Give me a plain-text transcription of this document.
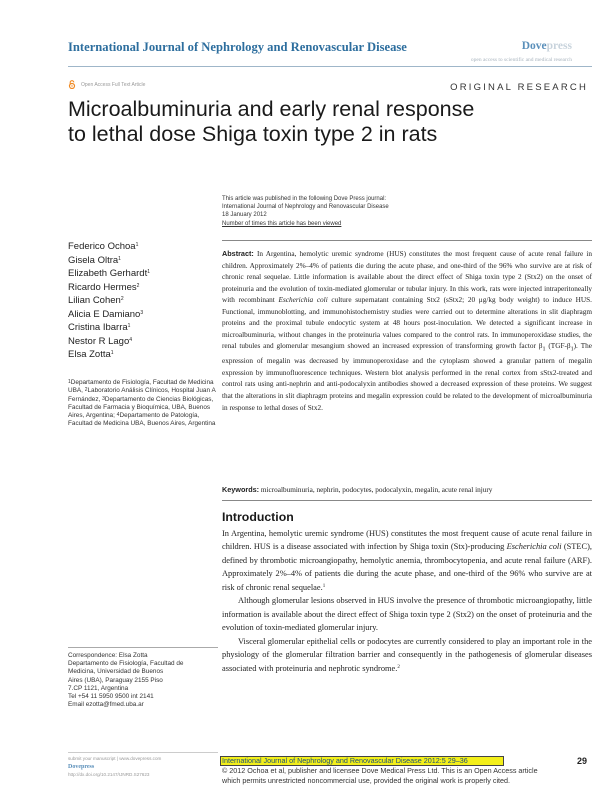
International Journal of Nephrology and Renovascular Disease	Dovepress
open access to scientific and medical research
Open Access Full Text Article	ORIGINAL RESEARCH
Microalbuminuria and early renal response
to lethal dose Shiga toxin type 2 in rats
This article was published in the following Dove Press journal:
International Journal of Nephrology and Renovascular Disease
18 January 2012
Number of times this article has been viewed
Federico Ochoa$^1$
Gisela Oltra$^1$
Elizabeth Gerhardt$^1$
Ricardo Hermes$^2$
Lilian Cohen$^2$
Alicia E Damiano$^3$
Cristina Ibarra$^1$
Nestor R Lago$^4$
Elsa Zotta$^1$
$^1$Departamento de Fisiología, Facultad de Medicina UBA, $^2$Laboratorio Análisis Clínicos, Hospital Juan A Fernández, $^3$Departamento de Ciencias Biológicas, Facultad de Farmacia y Bioquímica, UBA, Buenos Aires, Argentina; $^4$Departamento de Patología, Facultad de Medicina UBA, Buenos Aires, Argentina
Correspondence: Elsa Zotta
Departamento de Fisiología, Facultad de
Medicina, Universidad de Buenos
Aires (UBA), Paraguay 2155 Piso
7.CP 1121, Argentina
Tel +54 11 5950 9500 int 2141
Email ezotta@fmed.uba.ar
Abstract: In Argentina, hemolytic uremic syndrome (HUS) constitutes the most frequent cause of acute renal failure in children. Approximately 2%–4% of patients die during the acute phase, and one-third of the 96% who survive are at risk of chronic renal sequelae. Little information is available about the direct effect of Shiga toxin type 2 (Stx2) on the onset of proteinuria and the evolution of toxin-mediated glomerular or tubular injury. In this work, rats were injected intraperitoneally with recombinant Escherichia coli culture supernatant containing Stx2 (sStx2; 20 μg/kg body weight) to induce HUS. Functional, immunoblotting, and immunohistochemistry studies were carried out to determine alterations in slit diaphragm proteins and the proximal tubule endocytic system at 48 hours post-inoculation. We detected a significant increase in microalbuminuria, without changes in the proteinuria values compared to the control rats. In immunoperoxidase studies, the renal tubules and glomerular mesangium showed an increased expression of transforming growth factor $\beta_1$ $(TGF-\beta_1)$. The expression of megalin was decreased by immunoperoxidase and the cytoplasm showed a granular pattern of megalin expression by immunofluorescence techniques. Western blot analysis performed in the renal cortex from sStx2-treated and control rats using anti-nephrin and anti-podocalyxin antibodies showed a decreased expression of these proteins. We suggest that the alterations in slit diaphragm proteins and megalin expression could be related to the development of microalbuminuria in response to lethal doses of Stx2.
Keywords: microalbuminuria, nephrin, podocytes, podocalyxin, megalin, acute renal injury
Introduction

In Argentina, hemolytic uremic syndrome (HUS) constitutes the most frequent cause of acute renal failure in children. HUS is a disease associated with infection by Shiga toxin (Stx)-producing Escherichia coli (STEC), defined by thrombotic microangiopathy, hemolytic anemia, thrombocytopenia, and acute renal failure (ARF). Approximately 2%–4% of patients die during the acute phase, and one-third of the 96% who survive are at risk of chronic renal sequelae.$^1$

Although glomerular lesions observed in HUS involve the presence of thrombotic microangiopathy, little information is available about the direct effect of Shiga toxin type 2 (Stx2) on the onset of proteinuria and the evolution of toxin-mediated glomerular injury.

Visceral glomerular epithelial cells or podocytes are currently considered to play an important role in the physiology of the glomerular filtration barrier and consequently in the pathogenesis of glomerular diseases associated with proteinuria and nephrotic syndrome.$^2$

submit your manuscript | www.dovepress.com
Dovepress
http://dx.doi.org/10.2147/IJNRD.S27623
International Journal of Nephrology and Renovascular Disease 2012:5 29–36
© 2012 Ochoa et al, publisher and licensee Dove Medical Press Ltd. This is an Open Access article
which permits unrestricted noncommercial use, provided the original work is properly cited.
29
